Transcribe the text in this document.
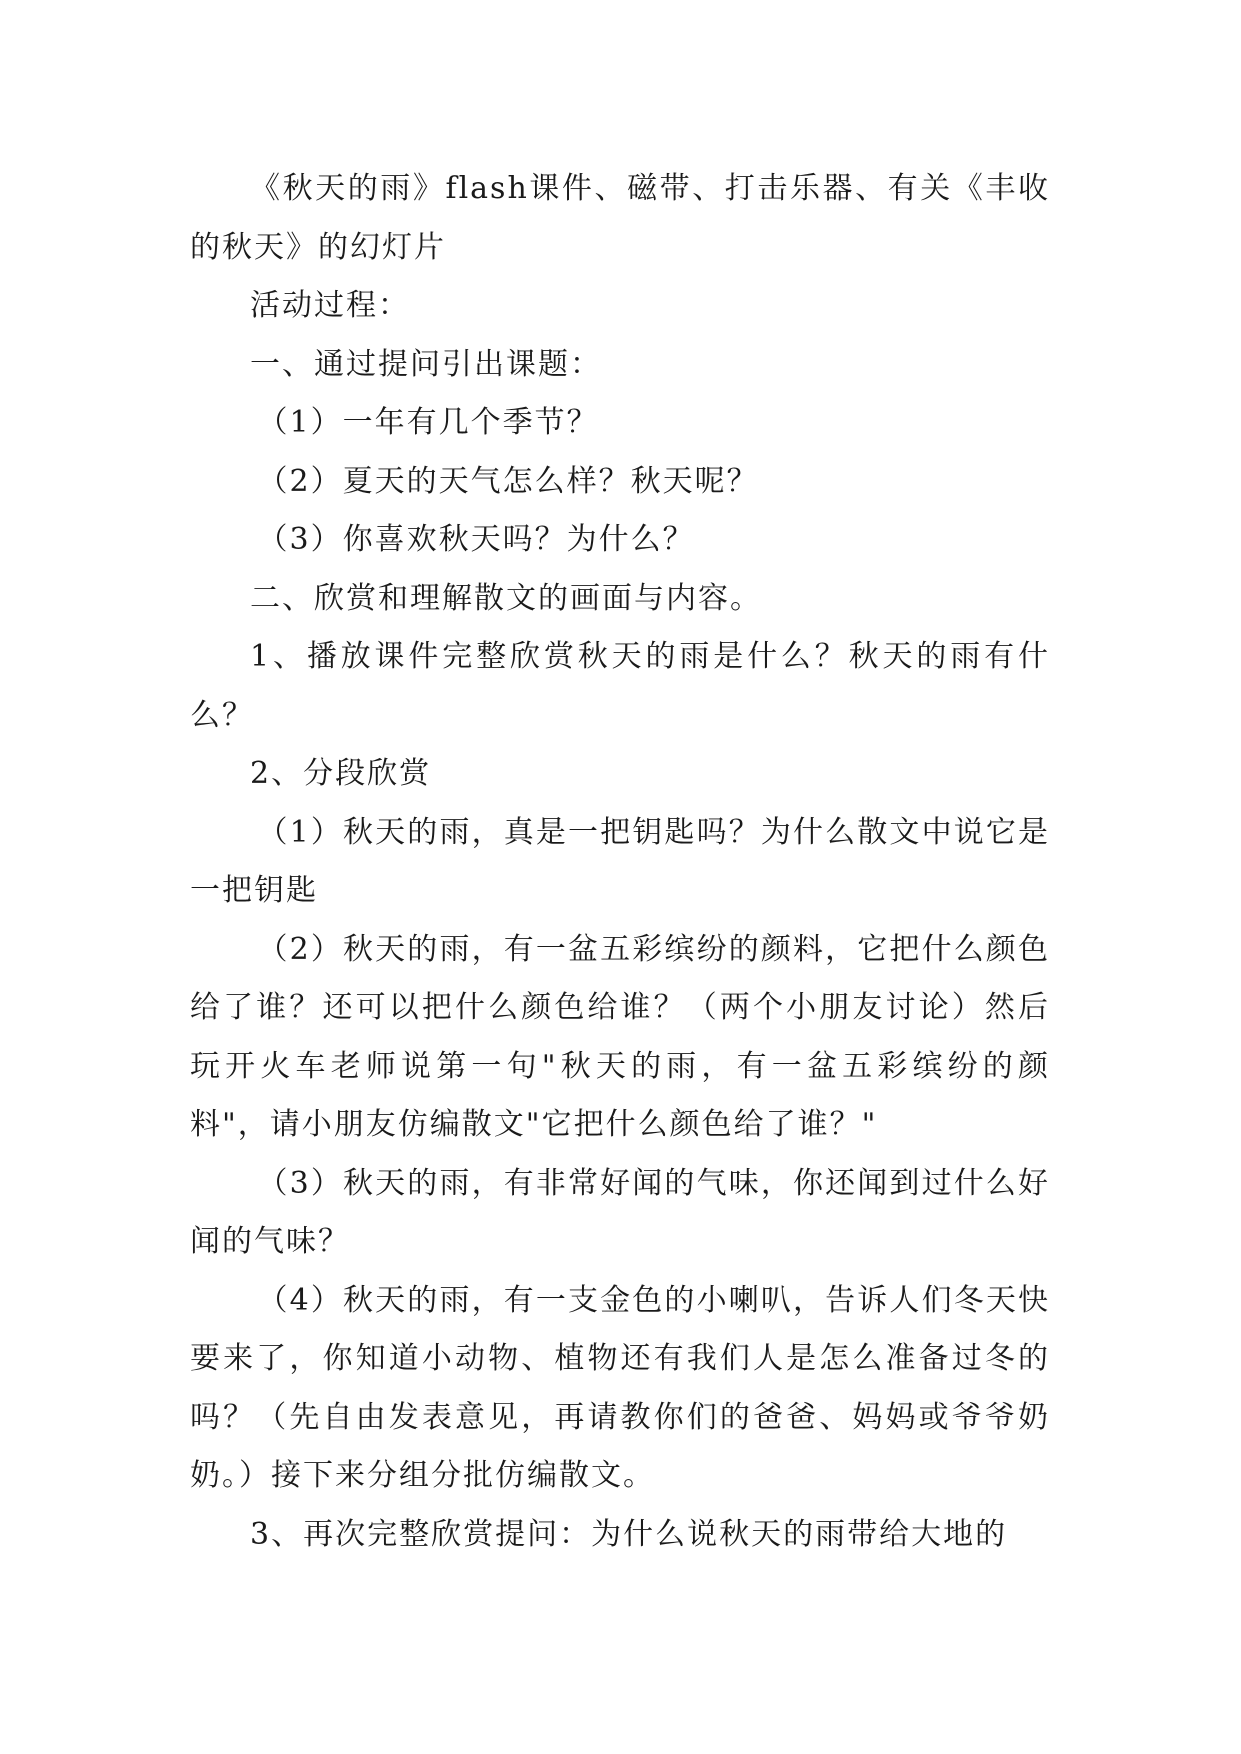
《秋天的雨》flash课件、磁带、打击乐器、有关《丰收的秋天》的幻灯片

活动过程：

一、通过提问引出课题：

（1）一年有几个季节？

（2）夏天的天气怎么样？秋天呢？

（3）你喜欢秋天吗？为什么？

二、欣赏和理解散文的画面与内容。

1、播放课件完整欣赏秋天的雨是什么？秋天的雨有什么？

2、分段欣赏

（1）秋天的雨，真是一把钥匙吗？为什么散文中说它是一把钥匙

（2）秋天的雨，有一盆五彩缤纷的颜料，它把什么颜色给了谁？还可以把什么颜色给谁？（两个小朋友讨论）然后玩开火车老师说第一句"秋天的雨，有一盆五彩缤纷的颜料"，请小朋友仿编散文"它把什么颜色给了谁？"

（3）秋天的雨，有非常好闻的气味，你还闻到过什么好闻的气味？

（4）秋天的雨，有一支金色的小喇叭，告诉人们冬天快要来了，你知道小动物、植物还有我们人是怎么准备过冬的吗？（先自由发表意见，再请教你们的爸爸、妈妈或爷爷奶奶。）接下来分组分批仿编散文。

3、再次完整欣赏提问：为什么说秋天的雨带给大地的
